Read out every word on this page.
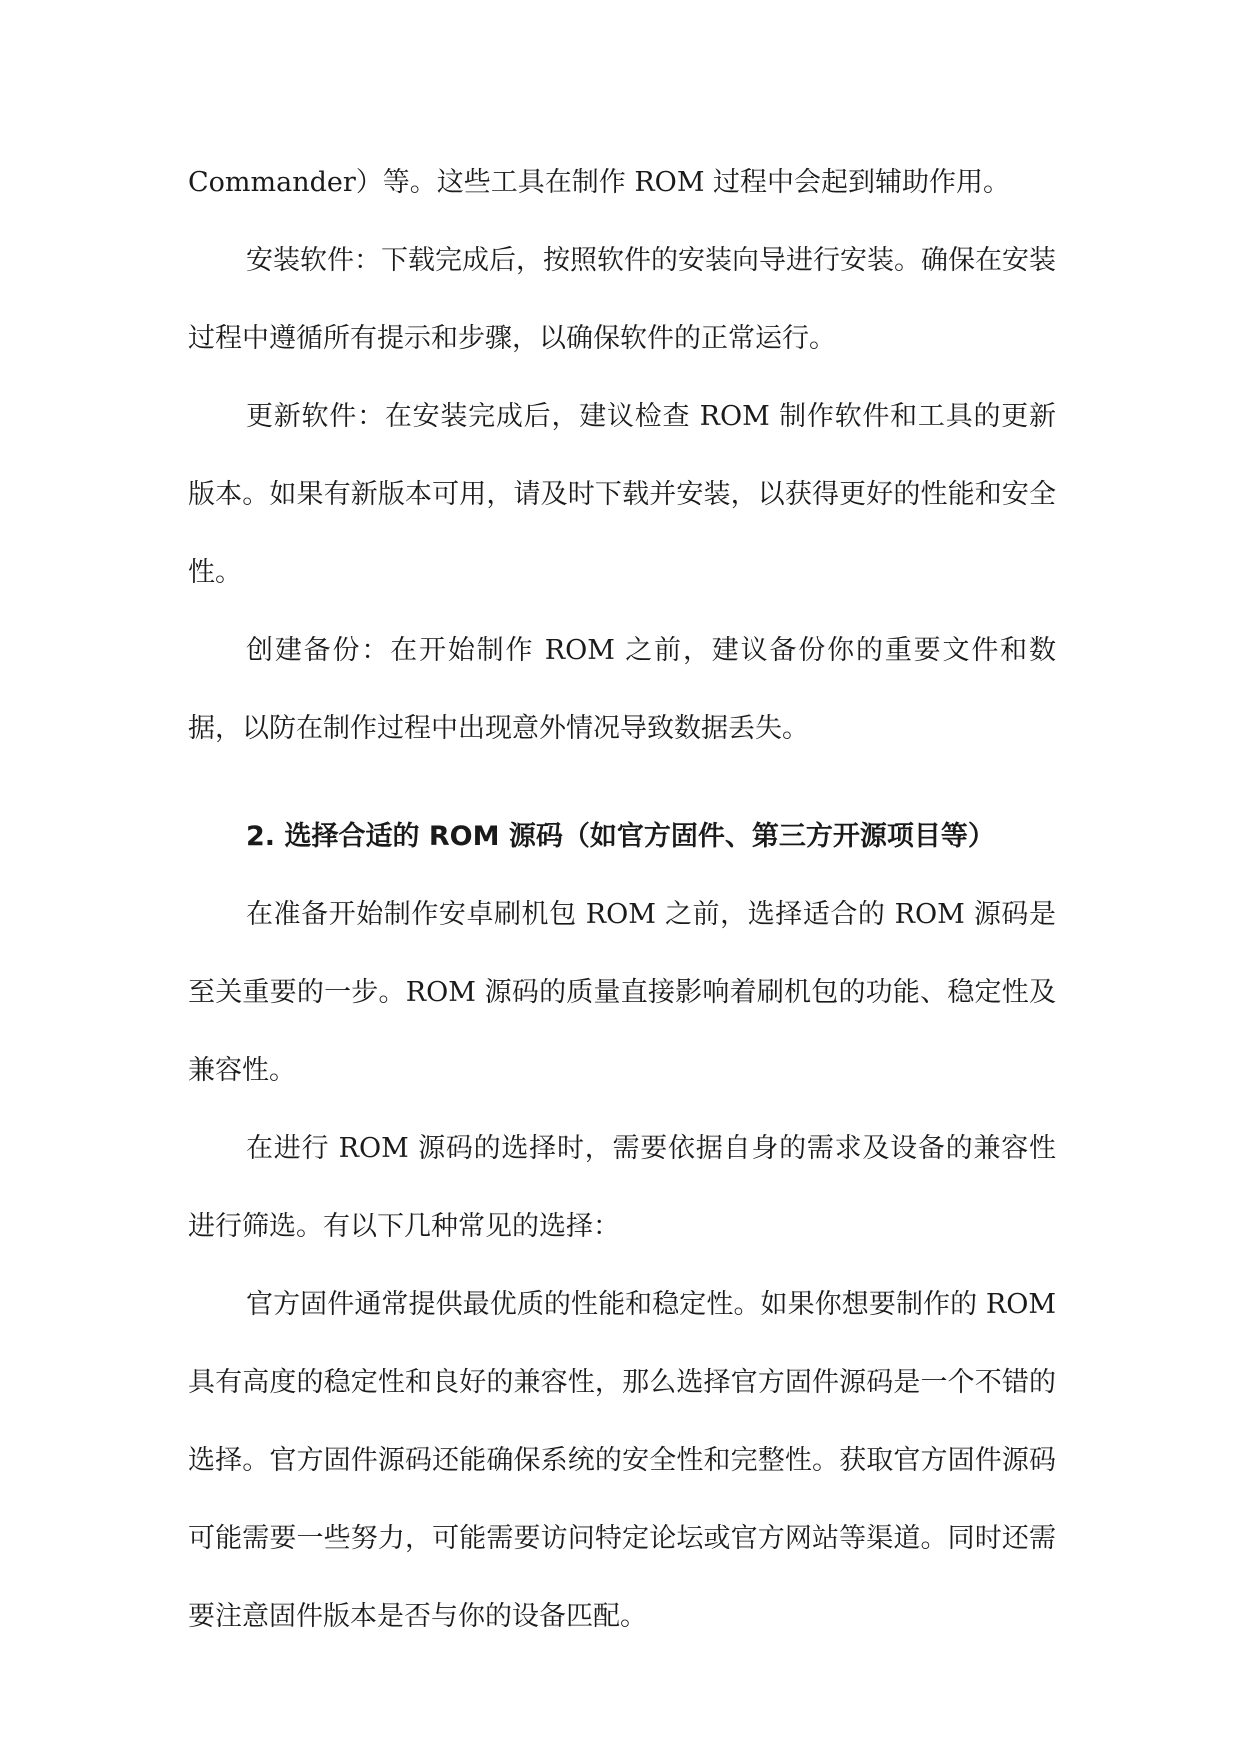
Commander）等。这些工具在制作 ROM 过程中会起到辅助作用。

安装软件：下载完成后，按照软件的安装向导进行安装。确保在安装过程中遵循所有提示和步骤，以确保软件的正常运行。

更新软件：在安装完成后，建议检查 ROM 制作软件和工具的更新版本。如果有新版本可用，请及时下载并安装，以获得更好的性能和安全性。

创建备份：在开始制作 ROM 之前，建议备份你的重要文件和数据，以防在制作过程中出现意外情况导致数据丢失。

2. 选择合适的 ROM 源码（如官方固件、第三方开源项目等）

在准备开始制作安卓刷机包 ROM 之前，选择适合的 ROM 源码是至关重要的一步。ROM 源码的质量直接影响着刷机包的功能、稳定性及兼容性。

在进行 ROM 源码的选择时，需要依据自身的需求及设备的兼容性进行筛选。有以下几种常见的选择：

官方固件通常提供最优质的性能和稳定性。如果你想要制作的 ROM 具有高度的稳定性和良好的兼容性，那么选择官方固件源码是一个不错的选择。官方固件源码还能确保系统的安全性和完整性。获取官方固件源码可能需要一些努力，可能需要访问特定论坛或官方网站等渠道。同时还需要注意固件版本是否与你的设备匹配。
